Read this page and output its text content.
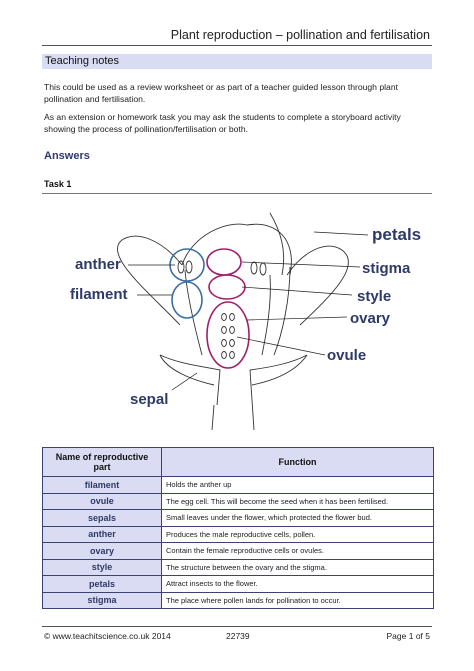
Plant reproduction – pollination and fertilisation
Teaching notes
This could be used as a review worksheet or as part of a teacher guided lesson through plant pollination and fertilisation.
As an extension or homework task you may ask the students to complete a storyboard activity showing the process of pollination/fertilisation or both.
Answers
Task 1
petals
anther	stigma
filament	style
ovary
ovule
sepal
Name of reproductive part	Function
filament	Holds the anther up
ovule	The egg cell. This will become the seed when it has been fertilised.
sepals	Small leaves under the flower, which protected the flower bud.
anther	Produces the male reproductive cells, pollen.
ovary	Contain the female reproductive cells or ovules.
style	The structure between the ovary and the stigma.
petals	Attract insects to the flower.
stigma	The place where pollen lands for pollination to occur.
© www.teachitscience.co.uk 2014	22739	Page 1 of 5
